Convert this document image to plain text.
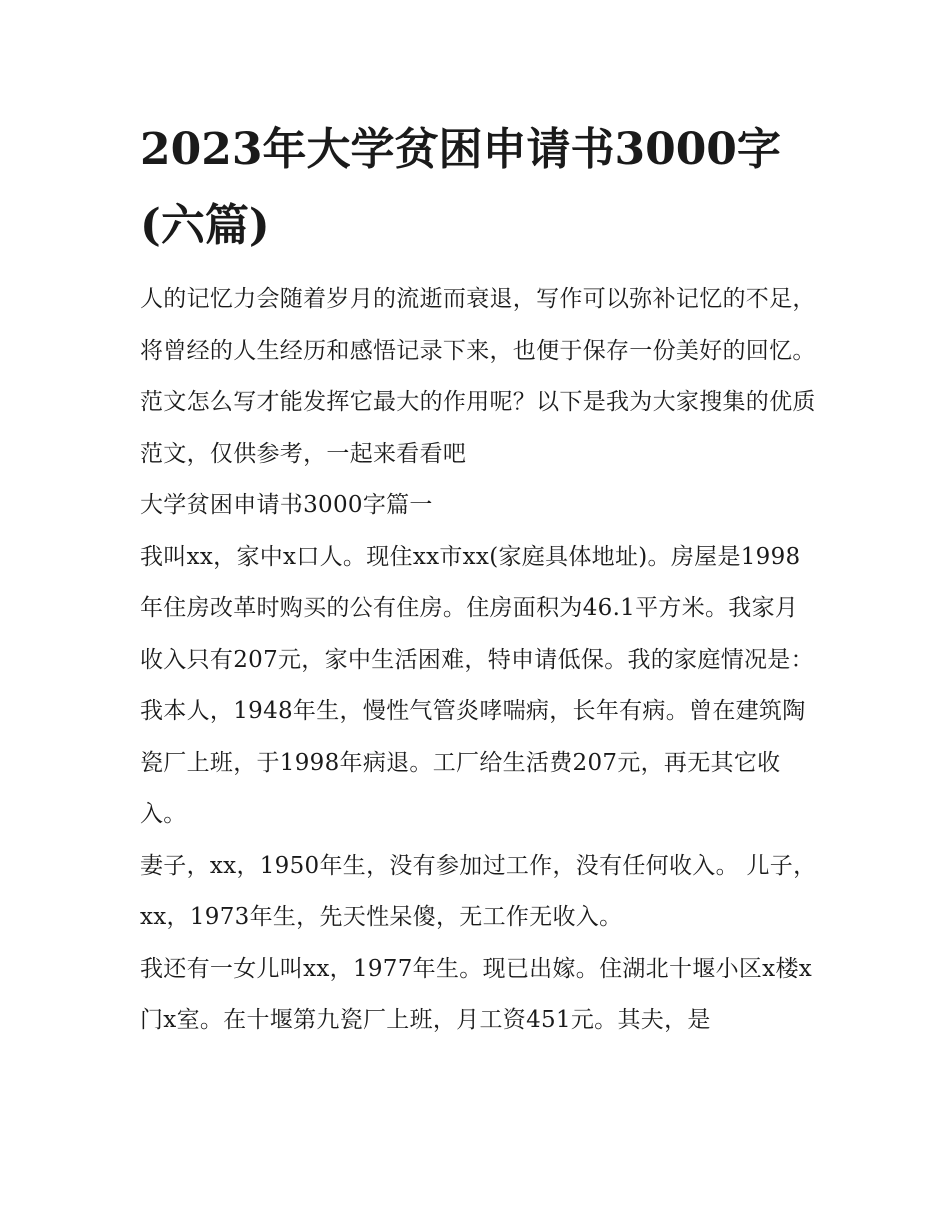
2023年大学贫困申请书3000字(六篇)

人的记忆力会随着岁月的流逝而衰退，写作可以弥补记忆的不足，将曾经的人生经历和感悟记录下来，也便于保存一份美好的回忆。范文怎么写才能发挥它最大的作用呢？以下是我为大家搜集的优质范文，仅供参考，一起来看看吧

大学贫困申请书3000字篇一

我叫xx，家中x口人。现住xx市xx(家庭具体地址)。房屋是1998年住房改革时购买的公有住房。住房面积为46.1平方米。我家月收入只有207元，家中生活困难，特申请低保。我的家庭情况是：

我本人，1948年生，慢性气管炎哮喘病，长年有病。曾在建筑陶瓷厂上班，于1998年病退。工厂给生活费207元，再无其它收入。

妻子，xx，1950年生，没有参加过工作，没有任何收入。 儿子，xx，1973年生，先天性呆傻，无工作无收入。

我还有一女儿叫xx，1977年生。现已出嫁。住湖北十堰小区x楼x门x室。在十堰第九瓷厂上班，月工资451元。其夫，是
